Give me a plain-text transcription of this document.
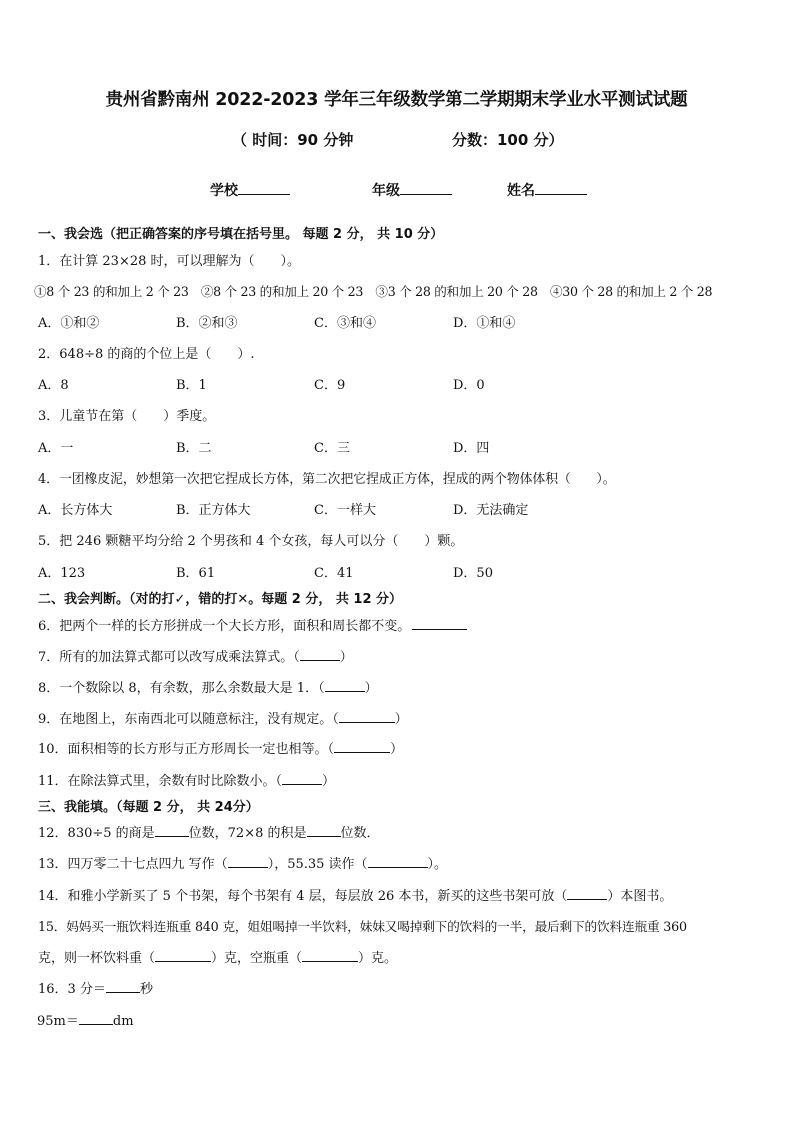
贵州省黔南州 2022-2023 学年三年级数学第二学期期末学业水平测试试题
（ 时间：90 分钟	分数：100 分）
学校	年级	姓名
一、我会选（把正确答案的序号填在括号里。 每题 2 分， 共 10 分）
1．在计算 23×28 时，可以理解为（　　）。
①8 个 23 的和加上 2 个 23　②8 个 23 的和加上 20 个 23　③3 个 28 的和加上 20 个 28　④30 个 28 的和加上 2 个 28
A．①和②	B．②和③	C．③和④	D．①和④
2．648÷8 的商的个位上是（　　）.
A．8	B．1	C．9	D．0
3．儿童节在第（　　）季度。
A．一	B．二	C．三	D．四
4．一团橡皮泥，妙想第一次把它捏成长方体，第二次把它捏成正方体，捏成的两个物体体积（　　）。
A．长方体大	B．正方体大	C．一样大	D．无法确定
5．把 246 颗糖平均分给 2 个男孩和 4 个女孩，每人可以分（　　）颗。
A．123	B．61	C．41	D．50
二、我会判断。（对的打✓，错的打✕。每题 2 分， 共 12 分）
6．把两个一样的长方形拼成一个大长方形，面积和周长都不变。
7．所有的加法算式都可以改写成乘法算式。（	）
8．一个数除以 8，有余数，那么余数最大是 1．（	）
9．在地图上，东南西北可以随意标注，没有规定。（	）
10．面积相等的长方形与正方形周长一定也相等。（	）
11．在除法算式里，余数有时比除数小。（	）
三、我能填。（每题 2 分， 共 24分）
12．830÷5 的商是	位数，72×8 的积是	位数．
13．四万零二十七点四九 写作（	），55.35 读作（	）。
14．和雅小学新买了 5 个书架，每个书架有 4 层，每层放 26 本书，新买的这些书架可放（	）本图书。
15．妈妈买一瓶饮料连瓶重 840 克，姐姐喝掉一半饮料，妹妹又喝掉剩下的饮料的一半，最后剩下的饮料连瓶重 360
克，则一杯饮料重（	）克，空瓶重（	）克。
16．3 分＝	秒
95m＝	dm
